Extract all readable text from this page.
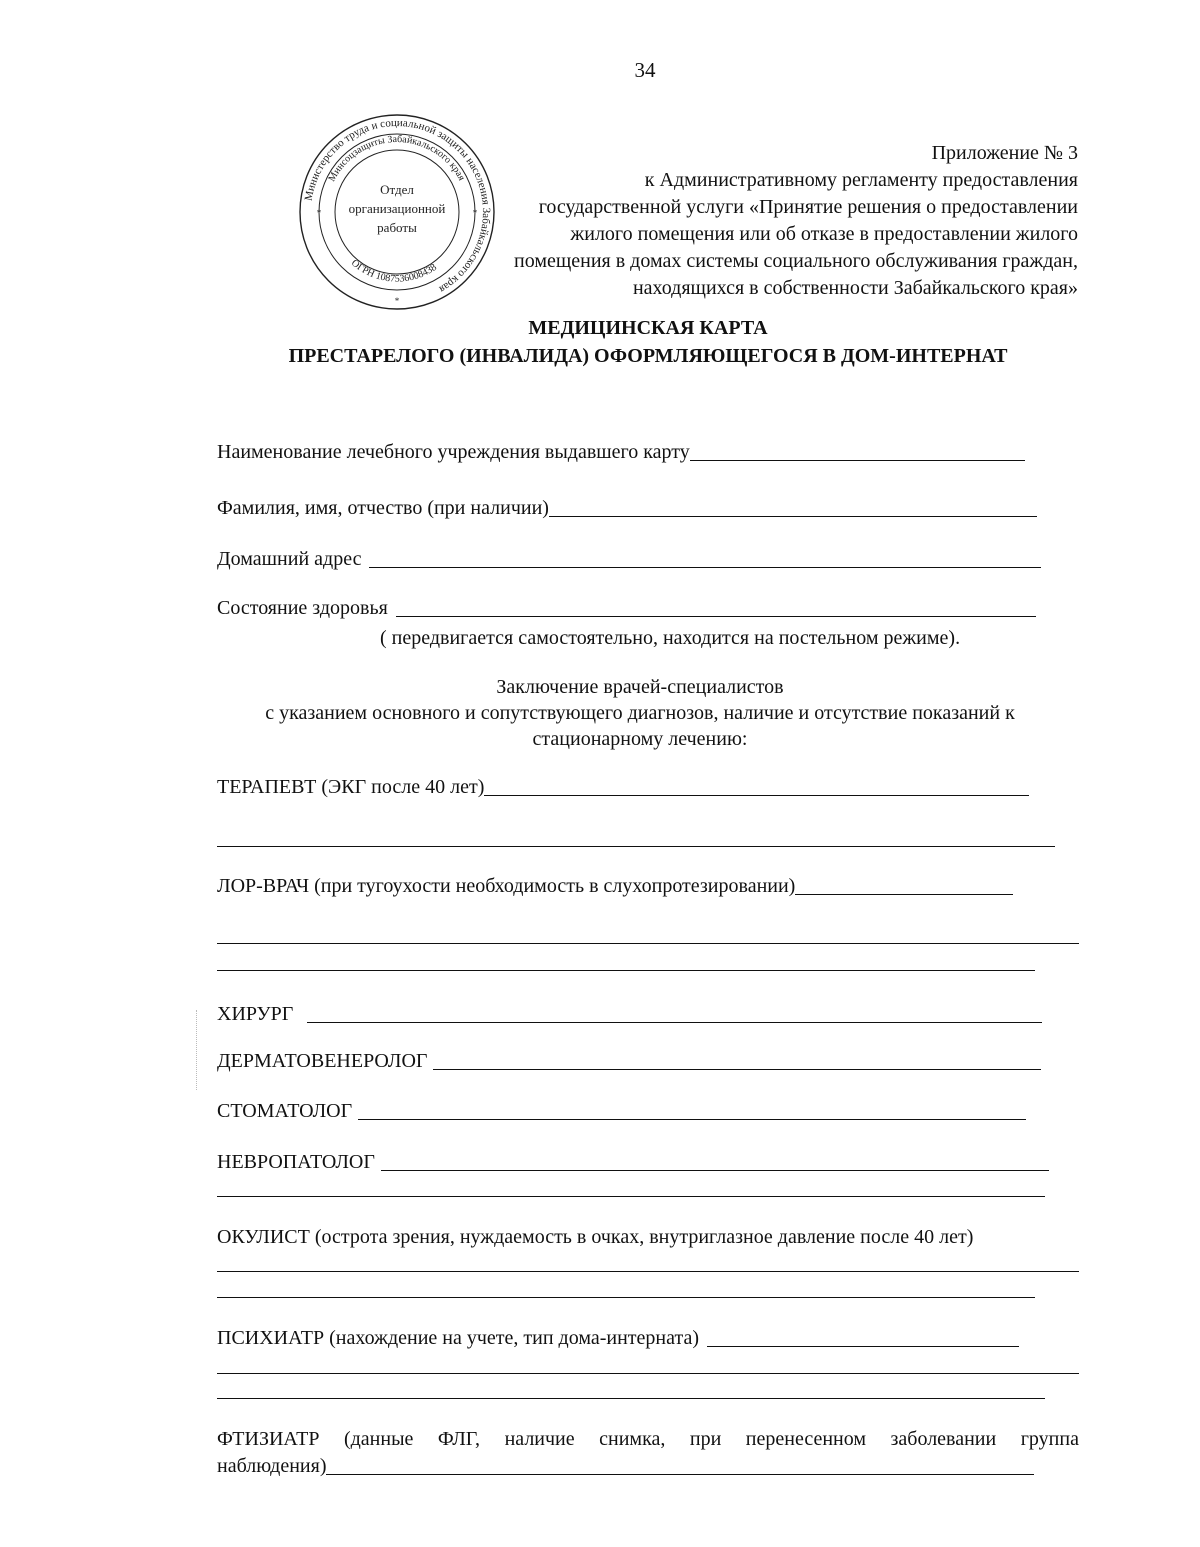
34
Министерство труда и социальной защиты населения Забайкальского края
Минсоцзащиты Забайкальского края
ОГРН 1087536008438
Отдел
организационной
работы
*
*	*
Приложение № 3
к Административному регламенту предоставления
государственной услуги «Принятие решения о предоставлении
жилого помещения или об отказе в предоставлении жилого
помещения в домах системы социального обслуживания граждан,
находящихся в собственности Забайкальского края»
МЕДИЦИНСКАЯ КАРТА
ПРЕСТАРЕЛОГО (ИНВАЛИДА) ОФОРМЛЯЮЩЕГОСЯ В ДОМ-ИНТЕРНАТ
Наименование лечебного учреждения выдавшего карту
Фамилия, имя, отчество (при наличии)
Домашний адрес
Состояние здоровья
( передвигается самостоятельно, находится на постельном режиме).
Заключение врачей-специалистов
с указанием основного и сопутствующего диагнозов, наличие и отсутствие показаний к
стационарному лечению:
ТЕРАПЕВТ (ЭКГ после 40 лет)
ЛОР-ВРАЧ (при тугоухости необходимость в слухопротезировании)
ХИРУРГ
ДЕРМАТОВЕНЕРОЛОГ
СТОМАТОЛОГ
НЕВРОПАТОЛОГ
ОКУЛИСТ (острота зрения, нуждаемость в очках, внутриглазное давление после 40 лет)
ПСИХИАТР (нахождение на учете, тип дома-интерната)
ФТИЗИАТР (данные ФЛГ, наличие снимка, при перенесенном заболевании группа
наблюдения)
